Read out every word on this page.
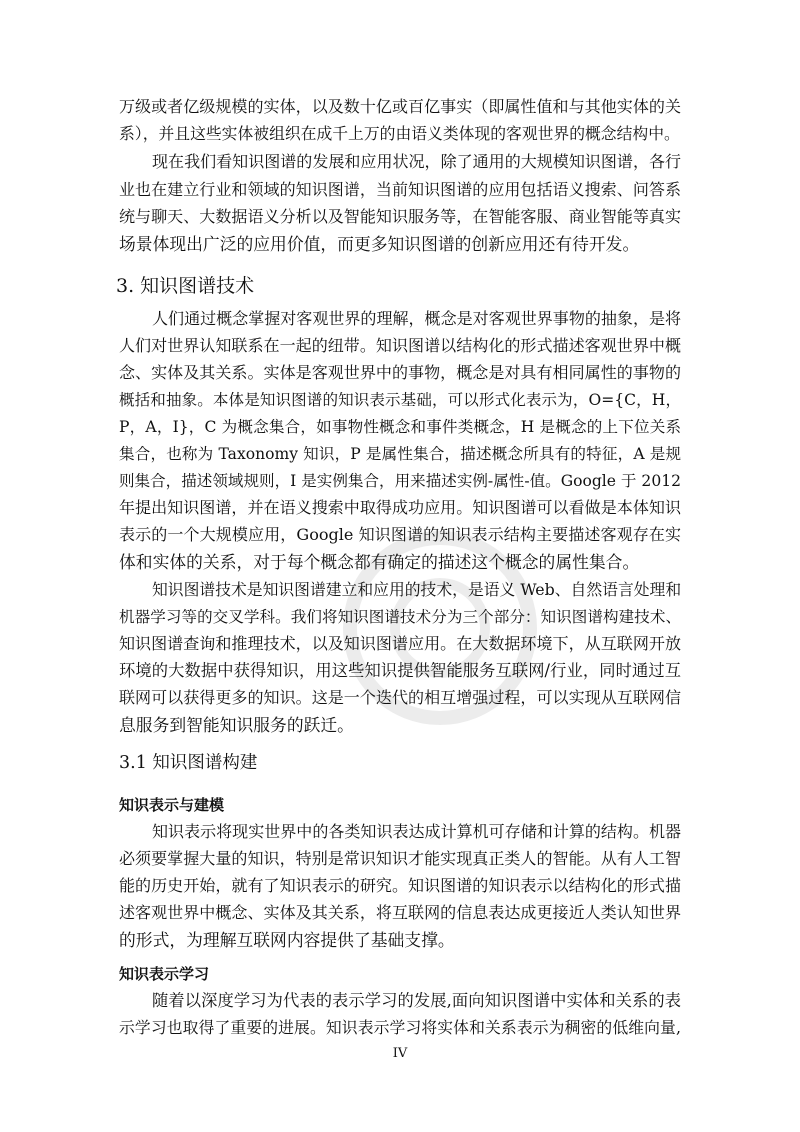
万级或者亿级规模的实体，以及数十亿或百亿事实（即属性值和与其他实体的关
系），并且这些实体被组织在成千上万的由语义类体现的客观世界的概念结构中。
现在我们看知识图谱的发展和应用状况，除了通用的大规模知识图谱，各行
业也在建立行业和领域的知识图谱，当前知识图谱的应用包括语义搜索、问答系
统与聊天、大数据语义分析以及智能知识服务等，在智能客服、商业智能等真实
场景体现出广泛的应用价值，而更多知识图谱的创新应用还有待开发。
3. 知识图谱技术
人们通过概念掌握对客观世界的理解，概念是对客观世界事物的抽象，是将
人们对世界认知联系在一起的纽带。知识图谱以结构化的形式描述客观世界中概
念、实体及其关系。实体是客观世界中的事物，概念是对具有相同属性的事物的
概括和抽象。本体是知识图谱的知识表示基础，可以形式化表示为，O={C，H，
P，A，I}，C 为概念集合，如事物性概念和事件类概念，H 是概念的上下位关系
集合，也称为 Taxonomy 知识，P 是属性集合，描述概念所具有的特征，A 是规
则集合，描述领域规则，I 是实例集合，用来描述实例-属性-值。Google 于 2012
年提出知识图谱，并在语义搜索中取得成功应用。知识图谱可以看做是本体知识
表示的一个大规模应用，Google 知识图谱的知识表示结构主要描述客观存在实
体和实体的关系，对于每个概念都有确定的描述这个概念的属性集合。
知识图谱技术是知识图谱建立和应用的技术，是语义 Web、自然语言处理和
机器学习等的交叉学科。我们将知识图谱技术分为三个部分：知识图谱构建技术、
知识图谱查询和推理技术，以及知识图谱应用。在大数据环境下，从互联网开放
环境的大数据中获得知识，用这些知识提供智能服务互联网/行业，同时通过互
联网可以获得更多的知识。这是一个迭代的相互增强过程，可以实现从互联网信
息服务到智能知识服务的跃迁。
3.1 知识图谱构建
知识表示与建模
知识表示将现实世界中的各类知识表达成计算机可存储和计算的结构。机器
必须要掌握大量的知识，特别是常识知识才能实现真正类人的智能。从有人工智
能的历史开始，就有了知识表示的研究。知识图谱的知识表示以结构化的形式描
述客观世界中概念、实体及其关系，将互联网的信息表达成更接近人类认知世界
的形式，为理解互联网内容提供了基础支撑。
知识表示学习
随着以深度学习为代表的表示学习的发展,面向知识图谱中实体和关系的表
示学习也取得了重要的进展。知识表示学习将实体和关系表示为稠密的低维向量,
IV
